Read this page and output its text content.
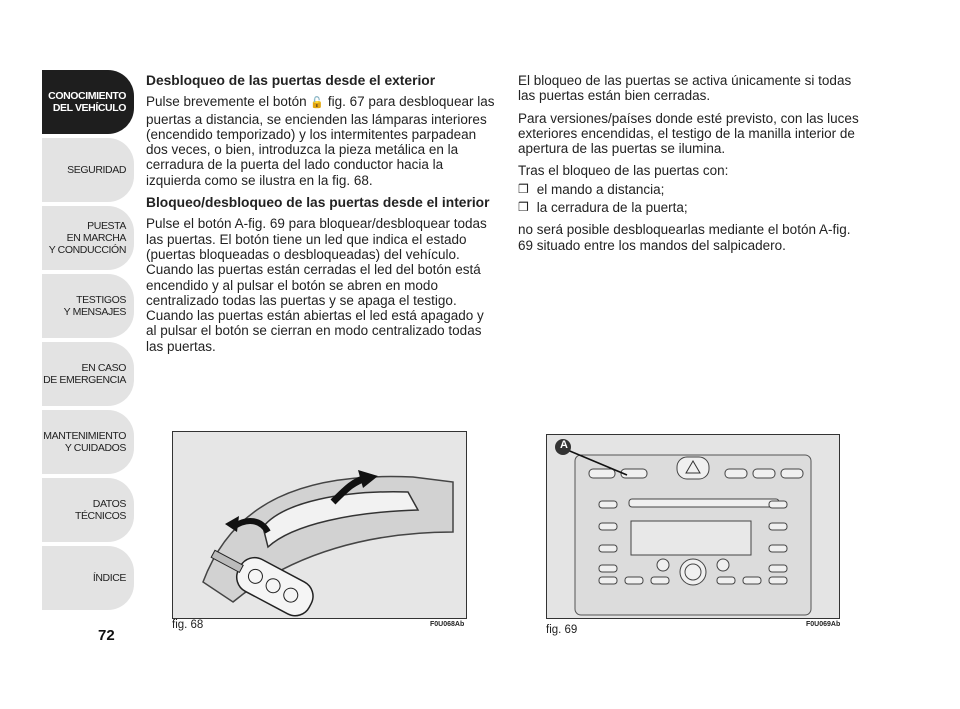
CONOCIMIENTO
DEL VEHÍCULO
SEGURIDAD
PUESTA
EN MARCHA
Y CONDUCCIÓN
TESTIGOS
Y MENSAJES
EN CASO
DE EMERGENCIA
MANTENIMIENTO
Y CUIDADOS
DATOS TÉCNICOS
ÍNDICE
72
Desbloqueo de las puertas desde el exterior

Pulse brevemente el botón 🔓 fig. 67 para desbloquear las puertas a distancia, se encienden las lámparas interiores (encendido temporizado) y los intermitentes parpadean dos veces, o bien, introduzca la pieza metálica en la cerradura de la puerta del lado conductor hacia la izquierda como se ilustra en la fig. 68.

Bloqueo/desbloqueo de las puertas desde el interior

Pulse el botón A-fig. 69 para bloquear/desbloquear todas las puertas. El botón tiene un led que indica el estado (puertas bloqueadas o desbloqueadas) del vehículo.

Cuando las puertas están cerradas el led del botón está encendido y al pulsar el botón se abren en modo centralizado todas las puertas y se apaga el testigo. Cuando las puertas están abiertas el led está apagado y al pulsar el botón se cierran en modo centralizado todas las puertas.

El bloqueo de las puertas se activa únicamente si todas las puertas están bien cerradas.

Para versiones/países donde esté previsto, con las luces exteriores encendidas, el testigo de la manilla interior de apertura de las puertas se ilumina.

Tras el bloqueo de las puertas con:

❒ el mando a distancia;
❒ la cerradura de la puerta;

no será posible desbloquearlas mediante el botón A-fig. 69 situado entre los mandos del salpicadero.

fig. 68	F0U068Ab
A
fig. 69	F0U069Ab
